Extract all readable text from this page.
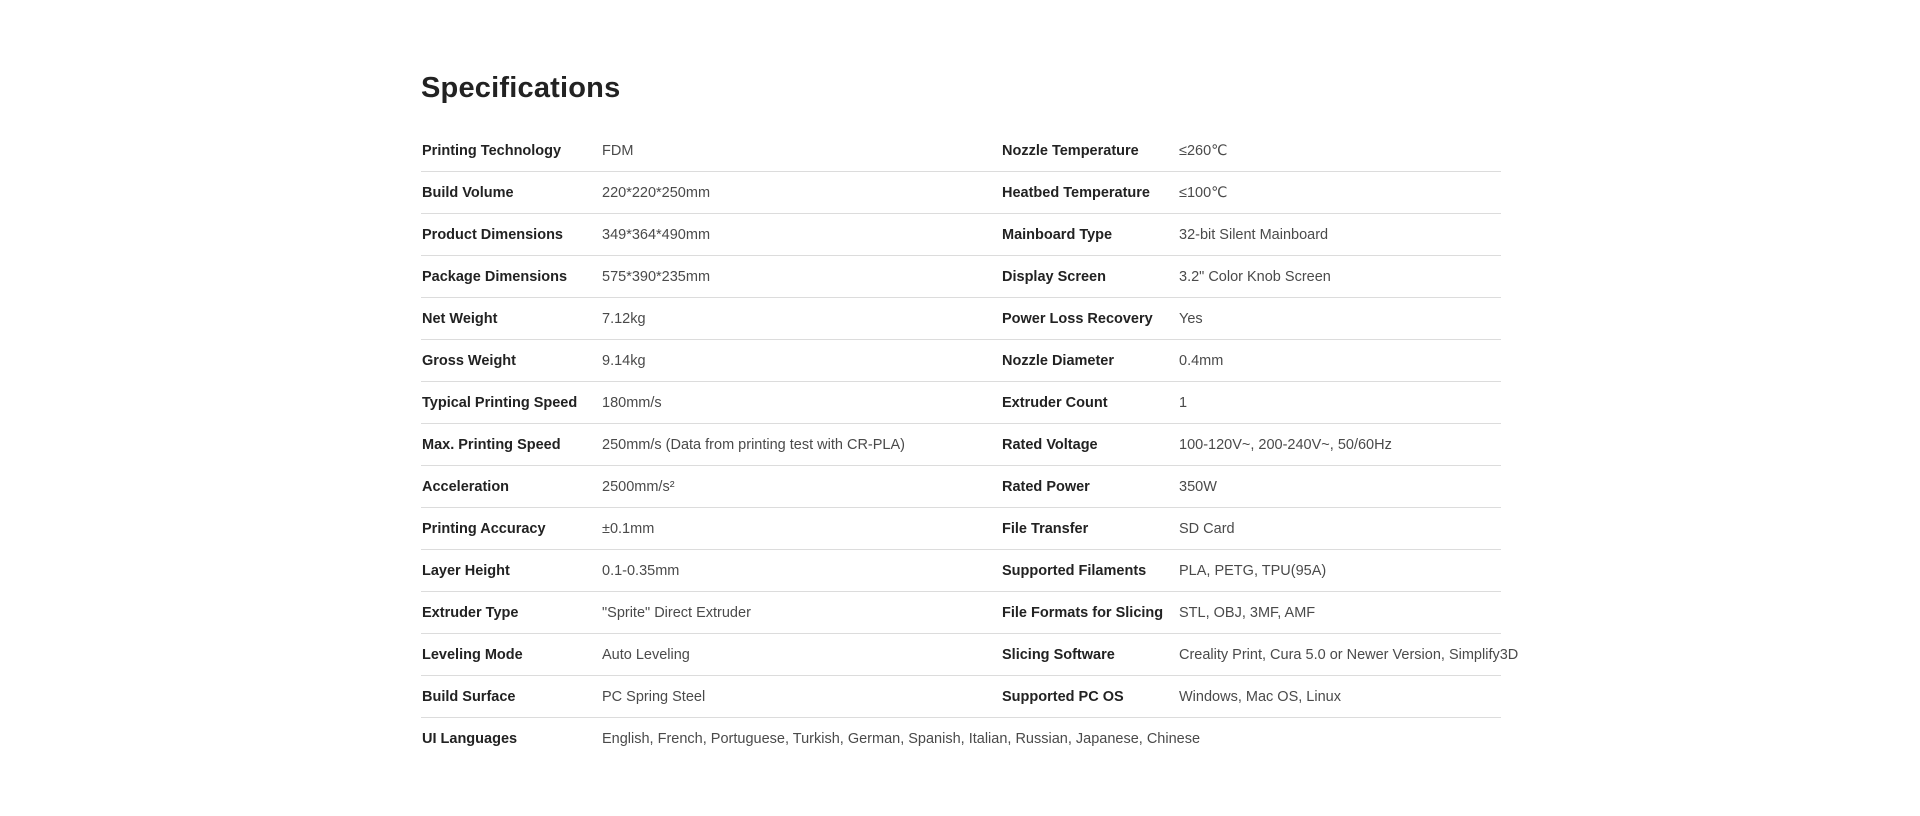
Specifications
Printing Technology	FDM	Nozzle Temperature	≤260℃
Build Volume	220*220*250mm	Heatbed Temperature ≤100℃
Product Dimensions	349*364*490mm	Mainboard Type	32-bit Silent Mainboard
Package Dimensions 575*390*235mm	Display Screen	3.2" Color Knob Screen
Net Weight	7.12kg	Power Loss Recovery Yes
Gross Weight	9.14kg	Nozzle Diameter	0.4mm
Typical Printing Speed 180mm/s	Extruder Count	1
Max. Printing Speed	250mm/s (Data from printing test with CR-PLA)	Rated Voltage	100-120V~, 200-240V~, 50/60Hz
Acceleration	2500mm/s²	Rated Power	350W
Printing Accuracy	±0.1mm	File Transfer	SD Card
Layer Height	0.1-0.35mm	Supported Filaments PLA, PETG, TPU(95A)
Extruder Type	"Sprite" Direct Extruder	File Formats for Slicing STL, OBJ, 3MF, AMF
Leveling Mode	Auto Leveling	Slicing Software	Creality Print, Cura 5.0 or Newer Version, Simplify3D
Build Surface	PC Spring Steel	Supported PC OS	Windows, Mac OS, Linux
UI Languages	English, French, Portuguese, Turkish, German, Spanish, Italian, Russian, Japanese, Chinese
